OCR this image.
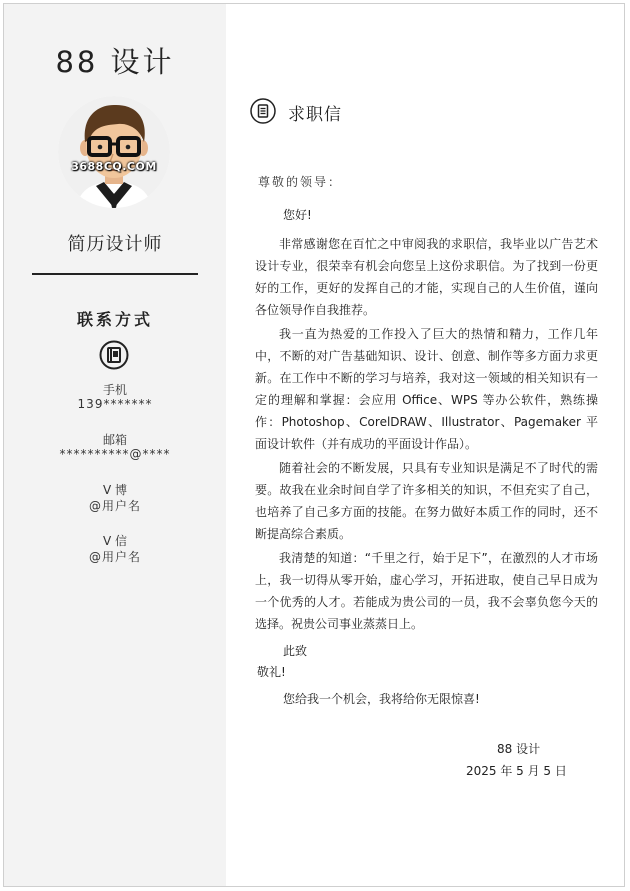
88 设计
3688CQ.COM
简历设计师
联系方式
手机
139*******
邮箱
**********@****
V 博
@用户名
V 信
@用户名
求职信
尊敬的领导：
您好!

非常感谢您在百忙之中审阅我的求职信，我毕业以广告艺术设计专业，很荣幸有机会向您呈上这份求职信。为了找到一份更好的工作，更好的发挥自己的才能，实现自己的人生价值，谨向各位领导作自我推荐。

我一直为热爱的工作投入了巨大的热情和精力，工作几年中，不断的对广告基础知识、设计、创意、制作等多方面力求更新。在工作中不断的学习与培养，我对这一领域的相关知识有一定的理解和掌握：会应用 Office、WPS 等办公软件，熟练操作：Photoshop、CorelDRAW、Illustrator、Pagemaker 平面设计软件（并有成功的平面设计作品）。

随着社会的不断发展，只具有专业知识是满足不了时代的需要。故我在业余时间自学了许多相关的知识，不但充实了自己，也培养了自己多方面的技能。在努力做好本质工作的同时，还不断提高综合素质。

我清楚的知道：“千里之行，始于足下”，在激烈的人才市场上，我一切得从零开始，虚心学习，开拓进取，使自己早日成为一个优秀的人才。若能成为贵公司的一员，我不会辜负您今天的选择。祝贵公司事业蒸蒸日上。

此致
敬礼!
您给我一个机会，我将给你无限惊喜!
88 设计
2025 年 5 月 5 日
